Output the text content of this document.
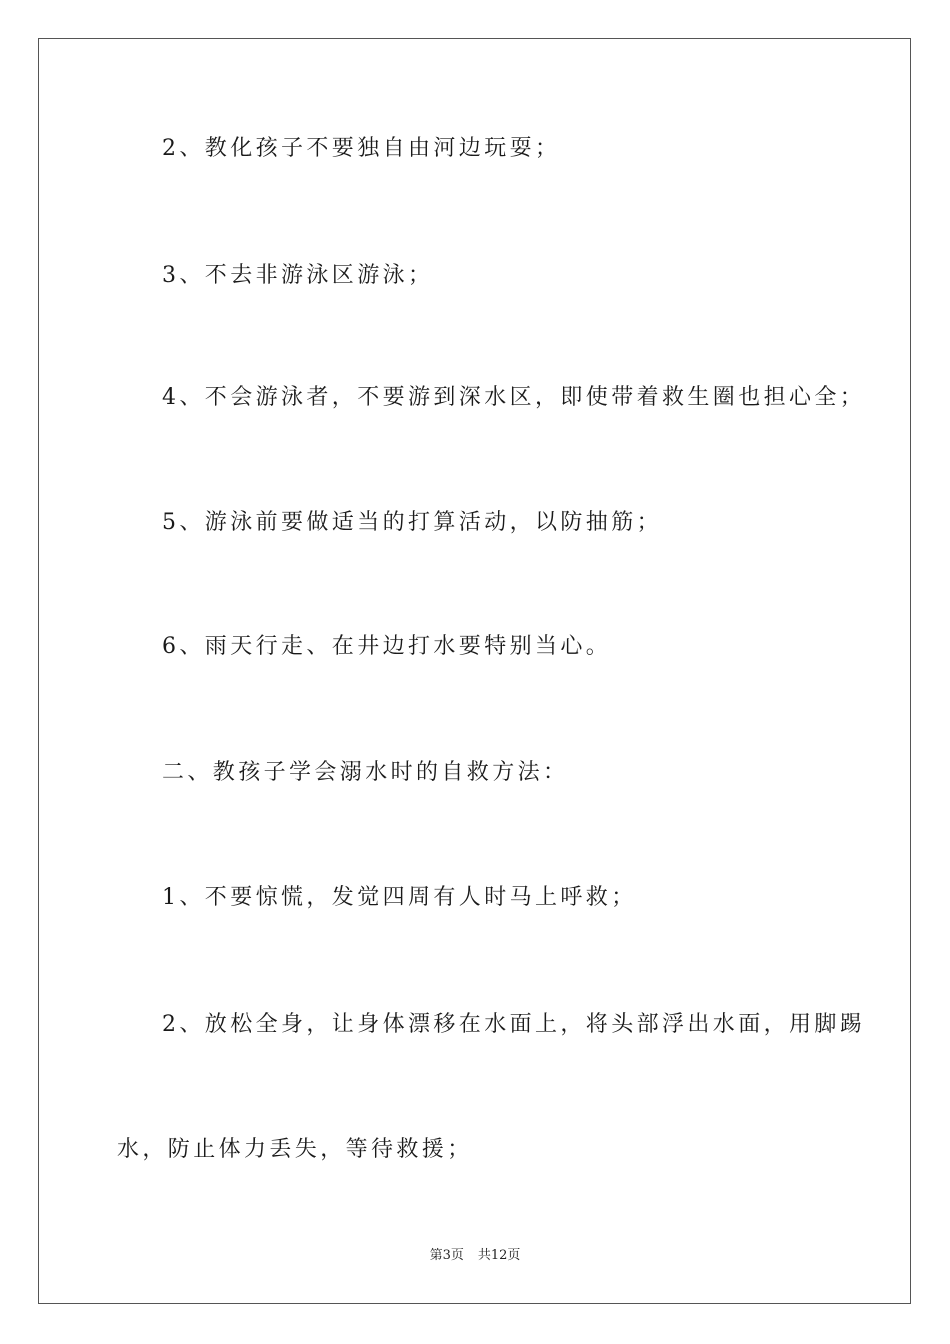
2、教化孩子不要独自由河边玩耍；
3、不去非游泳区游泳；
4、不会游泳者，不要游到深水区，即使带着救生圈也担心全；
5、游泳前要做适当的打算活动，以防抽筋；
6、雨天行走、在井边打水要特别当心。
二、教孩子学会溺水时的自救方法：
1、不要惊慌，发觉四周有人时马上呼救；
2、放松全身，让身体漂移在水面上，将头部浮出水面，用脚踢
水，防止体力丢失，等待救援；
第3页 共12页
